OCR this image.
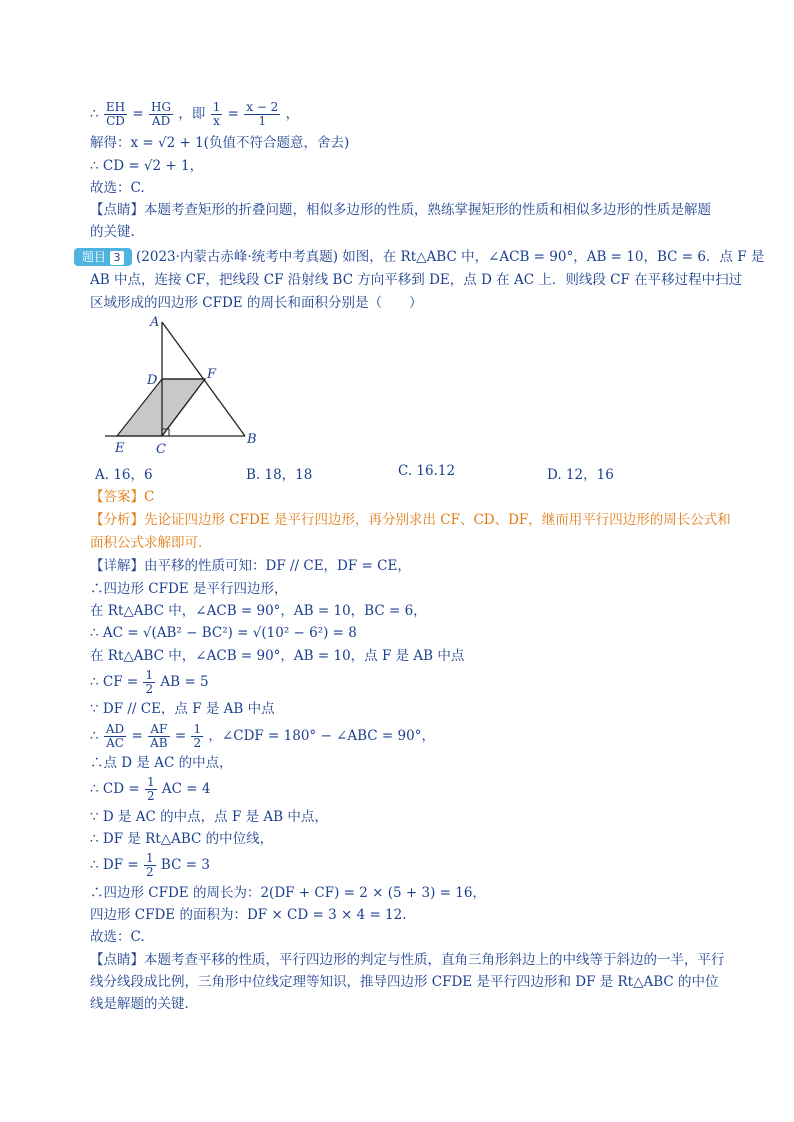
∴ $\frac{EH}{CD} = \frac{HG}{AD}$ ，即 $\frac{1}{x} = \frac{x - 2}{1}$ ，
解得：x = √2 + 1(负值不符合题意，舍去)
∴ CD = √2 + 1，
故选：C.
【点睛】本题考查矩形的折叠问题，相似多边形的性质，熟练掌握矩形的性质和相似多边形的性质是解题
的关键.
题目 3	(2023·内蒙古赤峰·统考中考真题) 如图，在 Rt△ABC 中，∠ACB = 90°，AB = 10，BC = 6．点 F 是
AB 中点，连接 CF，把线段 CF 沿射线 BC 方向平移到 DE，点 D 在 AC 上．则线段 CF 在平移过程中扫过
区域形成的四边形 CFDE 的周长和面积分别是（　　）
A
D	F
E C
B
A. 16，6	B. 18，18	C. 16.12	D. 12，16
【答案】C
【分析】先论证四边形 CFDE 是平行四边形，再分别求出 CF、CD、DF，继而用平行四边形的周长公式和
面积公式求解即可.
【详解】由平移的性质可知：DF // CE，DF = CE，
∴四边形 CFDE 是平行四边形，
在 Rt△ABC 中，∠ACB = 90°，AB = 10，BC = 6，
∴ AC = √(AB² − BC²) = √(10² − 6²) = 8
在 Rt△ABC 中，∠ACB = 90°，AB = 10，点 F 是 AB 中点
∴ CF = $\frac{1}{2}$ AB = 5
∵ DF // CE，点 F 是 AB 中点
∴ $\frac{AD}{AC} = \frac{AF}{AB} = \frac{1}{2}$ ，∠CDF = 180° − ∠ABC = 90°，
∴点 D 是 AC 的中点，
∴ CD = $\frac{1}{2}$ AC = 4
∵ D 是 AC 的中点，点 F 是 AB 中点，
∴ DF 是 Rt△ABC 的中位线，
∴ DF = $\frac{1}{2}$ BC = 3
∴四边形 CFDE 的周长为：2(DF + CF) = 2 × (5 + 3) = 16，
四边形 CFDE 的面积为：DF × CD = 3 × 4 = 12.
故选：C.
【点睛】本题考查平移的性质，平行四边形的判定与性质，直角三角形斜边上的中线等于斜边的一半，平行
线分线段成比例，三角形中位线定理等知识，推导四边形 CFDE 是平行四边形和 DF 是 Rt△ABC 的中位
线是解题的关键.
